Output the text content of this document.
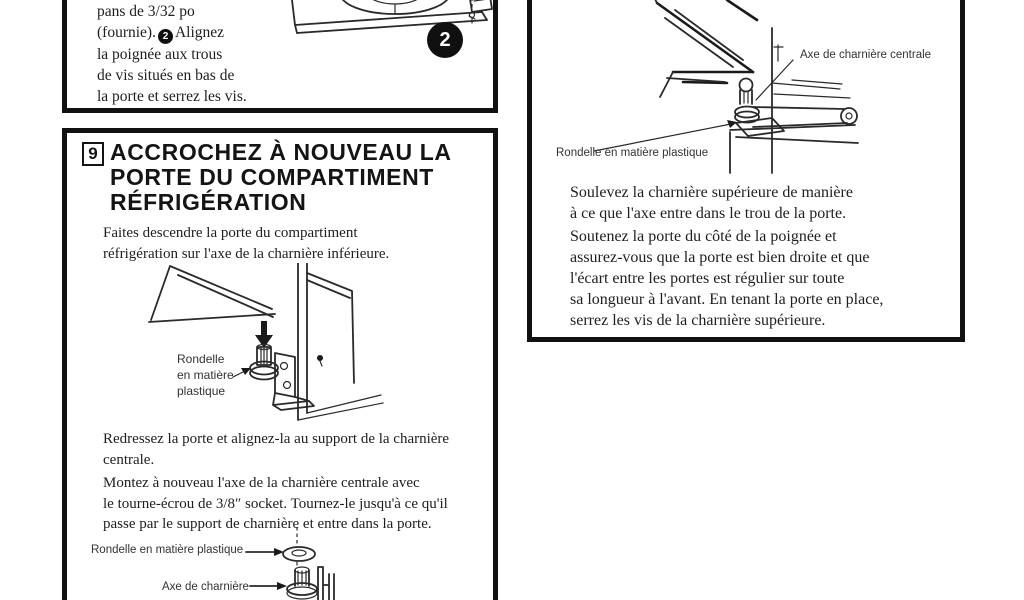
pans de 3/32 po
(fournie). 2 Alignez
la poignée aux trous
de vis situés en bas de
la porte et serrez les vis.
2
9 ACCROCHEZ À NOUVEAU LA
PORTE DU COMPARTIMENT
RÉFRIGÉRATION
Faites descendre la porte du compartiment
réfrigération sur l'axe de la charnière inférieure.
Rondelle
en matière
plastique
Redressez la porte et alignez-la au support de la charnière
centrale.
Montez à nouveau l'axe de la charnière centrale avec
le tourne-écrou de 3/8″ socket. Tournez-le jusqu'à ce qu'il
passe par le support de charnière et entre dans la porte.
Rondelle en matière plastique
Axe de charnière
Axe de charnière centrale
Rondelle en matière plastique
Soulevez la charnière supérieure de manière
à ce que l'axe entre dans le trou de la porte.
Soutenez la porte du côté de la poignée et
assurez-vous que la porte est bien droite et que
l'écart entre les portes est régulier sur toute
sa longueur à l'avant. En tenant la porte en place,
serrez les vis de la charnière supérieure.
